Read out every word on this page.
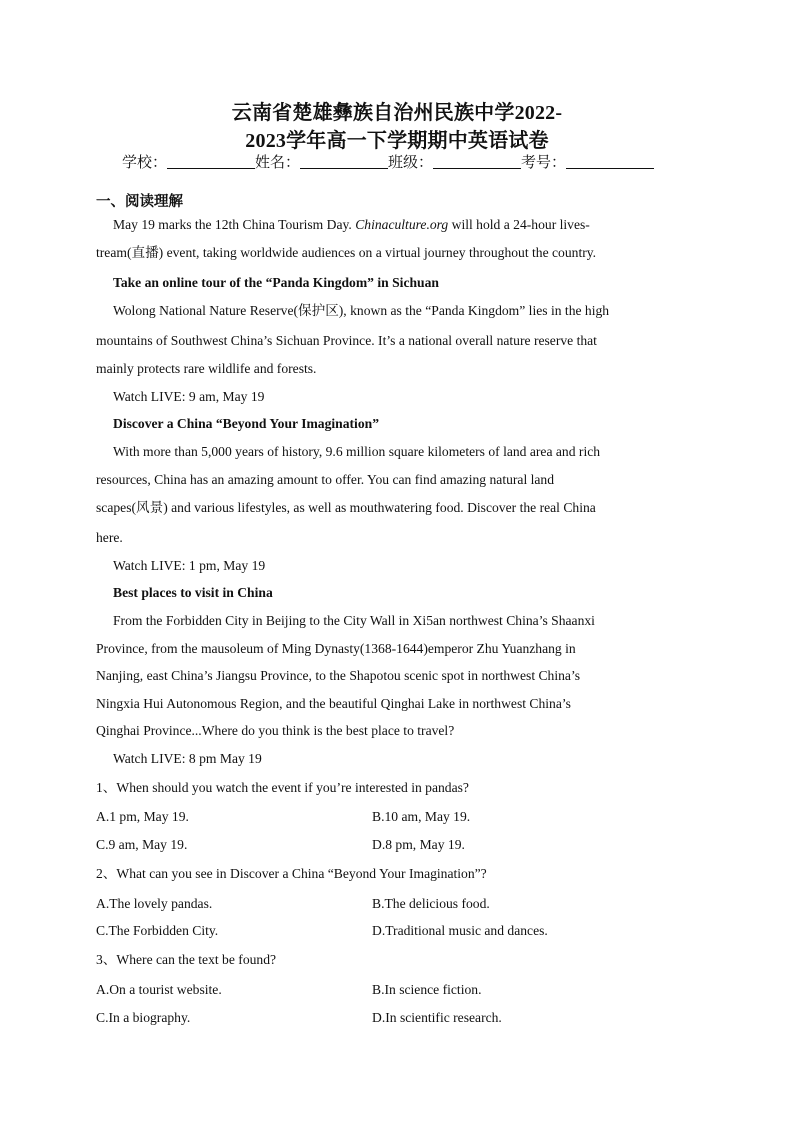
云南省楚雄彝族自治州民族中学2022-
2023学年高一下学期期中英语试卷
学校：	姓名：	班级：	考号：
一、阅读理解
May 19 marks the 12th China Tourism Day. Chinaculture.org will hold a 24-hour lives-
tream(直播) event, taking worldwide audiences on a virtual journey throughout the country.
Take an online tour of the “Panda Kingdom” in Sichuan
Wolong National Nature Reserve(保护区), known as the “Panda Kingdom” lies in the high
mountains of Southwest China’s Sichuan Province. It’s a national overall nature reserve that
mainly protects rare wildlife and forests.
Watch LIVE: 9 am, May 19
Discover a China “Beyond Your Imagination”
With more than 5,000 years of history, 9.6 million square kilometers of land area and rich
resources, China has an amazing amount to offer. You can find amazing natural land
scapes(风景) and various lifestyles, as well as mouthwatering food. Discover the real China
here.
Watch LIVE: 1 pm, May 19
Best places to visit in China
From the Forbidden City in Beijing to the City Wall in Xi5an northwest China’s Shaanxi
Province, from the mausoleum of Ming Dynasty(1368-1644)emperor Zhu Yuanzhang in
Nanjing, east China’s Jiangsu Province, to the Shapotou scenic spot in northwest China’s
Ningxia Hui Autonomous Region, and the beautiful Qinghai Lake in northwest China’s
Qinghai Province...Where do you think is the best place to travel?
Watch LIVE: 8 pm May 19
1、When should you watch the event if you’re interested in pandas?
A.1 pm, May 19.	B.10 am, May 19.
C.9 am, May 19.	D.8 pm, May 19.
2、What can you see in Discover a China “Beyond Your Imagination”?
A.The lovely pandas.	B.The delicious food.
C.The Forbidden City.	D.Traditional music and dances.
3、Where can the text be found?
A.On a tourist website.	B.In science fiction.
C.In a biography.	D.In scientific research.
